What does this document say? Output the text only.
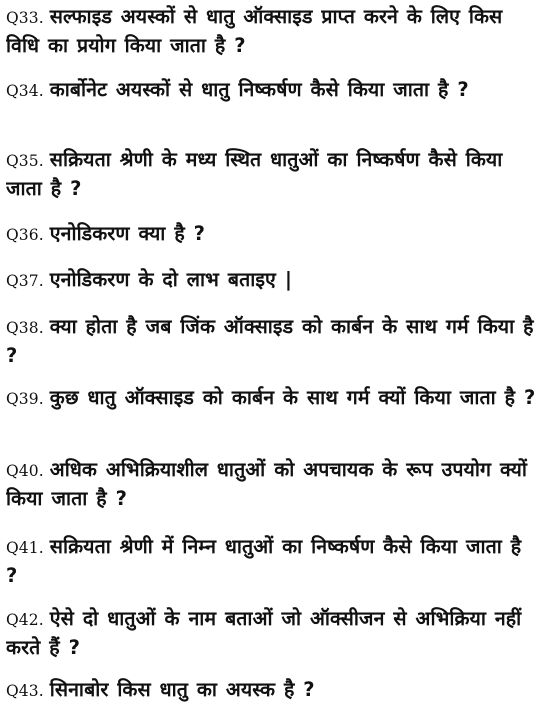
Q33. सल्फाइड अयस्कों से धातु ऑक्साइड प्राप्त करने के लिए किस विधि का प्रयोग किया जाता है ?

Q34. कार्बोनेट अयस्कों से धातु निष्कर्षण कैसे किया जाता है ?

Q35. सक्रियता श्रेणी के मध्य स्थित धातुओं का निष्कर्षण कैसे किया जाता है ?

Q36. एनोडिकरण क्या है ?

Q37. एनोडिकरण के दो लाभ बताइए |

Q38. क्या होता है जब जिंक ऑक्साइड को कार्बन के साथ गर्म किया है ?

Q39. कुछ धातु ऑक्साइड को कार्बन के साथ गर्म क्यों किया जाता है ?

Q40. अधिक अभिक्रियाशील धातुओं को अपचायक के रूप उपयोग क्यों किया जाता है ?

Q41. सक्रियता श्रेणी में निम्न धातुओं का निष्कर्षण कैसे किया जाता है ?

Q42. ऐसे दो धातुओं के नाम बताओं जो ऑक्सीजन से अभिक्रिया नहीं करते हैं ?

Q43. सिनाबोर किस धातु का अयस्क है ?
